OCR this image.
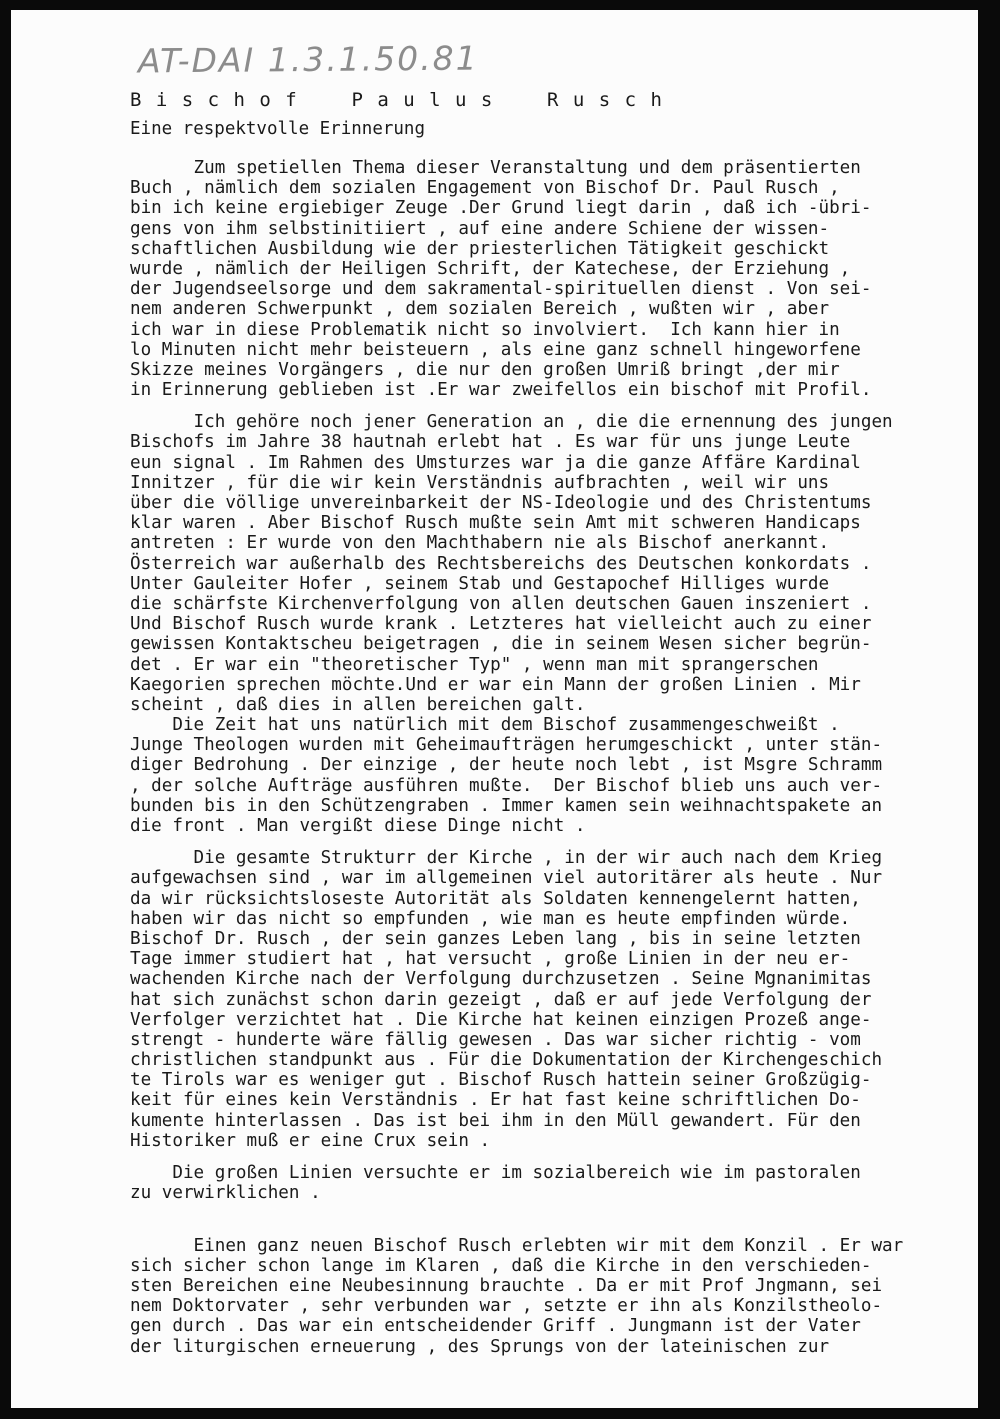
AT-DAI 1.3.1.50.81
B i s c h o f    P a u l u s    R u s c h
Eine respektvolle Erinnerung
Zum spetiellen Thema dieser Veranstaltung und dem präsentierten
Buch , nämlich dem sozialen Engagement von Bischof Dr. Paul Rusch ,
bin ich keine ergiebiger Zeuge .Der Grund liegt darin , daß ich -übri-
gens von ihm selbstinitiiert , auf eine andere Schiene der wissen-
schaftlichen Ausbildung wie der priesterlichen Tätigkeit geschickt
wurde , nämlich der Heiligen Schrift, der Katechese, der Erziehung ,
der Jugendseelsorge und dem sakramental-spirituellen dienst . Von sei-
nem anderen Schwerpunkt , dem sozialen Bereich , wußten wir , aber
ich war in diese Problematik nicht so involviert.  Ich kann hier in
lo Minuten nicht mehr beisteuern , als eine ganz schnell hingeworfene
Skizze meines Vorgängers , die nur den großen Umriß bringt ,der mir
in Erinnerung geblieben ist .Er war zweifellos ein bischof mit Profil.
Ich gehöre noch jener Generation an , die die ernennung des jungen
Bischofs im Jahre 38 hautnah erlebt hat . Es war für uns junge Leute
eun signal . Im Rahmen des Umsturzes war ja die ganze Affäre Kardinal
Innitzer , für die wir kein Verständnis aufbrachten , weil wir uns
über die völlige unvereinbarkeit der NS-Ideologie und des Christentums
klar waren . Aber Bischof Rusch mußte sein Amt mit schweren Handicaps
antreten : Er wurde von den Machthabern nie als Bischof anerkannt.
Österreich war außerhalb des Rechtsbereichs des Deutschen konkordats .
Unter Gauleiter Hofer , seinem Stab und Gestapochef Hilliges wurde
die schärfste Kirchenverfolgung von allen deutschen Gauen inszeniert .
Und Bischof Rusch wurde krank . Letzteres hat vielleicht auch zu einer
gewissen Kontaktscheu beigetragen , die in seinem Wesen sicher begrün-
det . Er war ein "theoretischer Typ" , wenn man mit sprangerschen
Kaegorien sprechen möchte.Und er war ein Mann der großen Linien . Mir
scheint , daß dies in allen bereichen galt.
Die Zeit hat uns natürlich mit dem Bischof zusammengeschweißt .
Junge Theologen wurden mit Geheimaufträgen herumgeschickt , unter stän-
diger Bedrohung . Der einzige , der heute noch lebt , ist Msgre Schramm
, der solche Aufträge ausführen mußte.  Der Bischof blieb uns auch ver-
bunden bis in den Schützengraben . Immer kamen sein weihnachtspakete an
die front . Man vergißt diese Dinge nicht .
Die gesamte Strukturr der Kirche , in der wir auch nach dem Krieg
aufgewachsen sind , war im allgemeinen viel autoritärer als heute . Nur
da wir rücksichtsloseste Autorität als Soldaten kennengelernt hatten,
haben wir das nicht so empfunden , wie man es heute empfinden würde.
Bischof Dr. Rusch , der sein ganzes Leben lang , bis in seine letzten
Tage immer studiert hat , hat versucht , große Linien in der neu er-
wachenden Kirche nach der Verfolgung durchzusetzen . Seine Mgnanimitas
hat sich zunächst schon darin gezeigt , daß er auf jede Verfolgung der
Verfolger verzichtet hat . Die Kirche hat keinen einzigen Prozeß ange-
strengt - hunderte wäre fällig gewesen . Das war sicher richtig - vom
christlichen standpunkt aus . Für die Dokumentation der Kirchengeschich
te Tirols war es weniger gut . Bischof Rusch hattein seiner Großzügig-
keit für eines kein Verständnis . Er hat fast keine schriftlichen Do-
kumente hinterlassen . Das ist bei ihm in den Müll gewandert. Für den
Historiker muß er eine Crux sein .
Die großen Linien versuchte er im sozialbereich wie im pastoralen
zu verwirklichen .
Einen ganz neuen Bischof Rusch erlebten wir mit dem Konzil . Er war
sich sicher schon lange im Klaren , daß die Kirche in den verschieden-
sten Bereichen eine Neubesinnung brauchte . Da er mit Prof Jngmann, sei
nem Doktorvater , sehr verbunden war , setzte er ihn als Konzilstheolo-
gen durch . Das war ein entscheidender Griff . Jungmann ist der Vater
der liturgischen erneuerung , des Sprungs von der lateinischen zur
